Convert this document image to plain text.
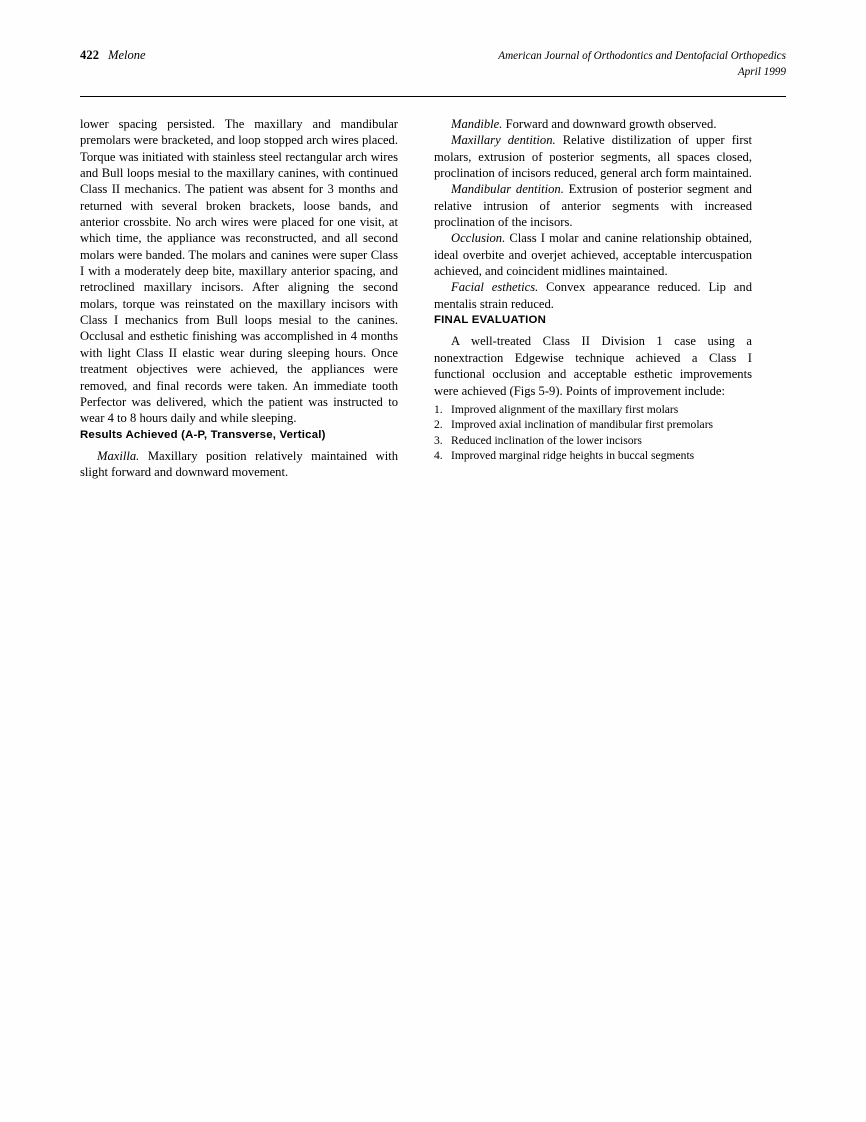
422 Melone	American Journal of Orthodontics and Dentofacial Orthopedics
April 1999

lower spacing persisted. The maxillary and mandibular premolars were bracketed, and loop stopped arch wires placed. Torque was initiated with stainless steel rectangular arch wires and Bull loops mesial to the maxillary canines, with continued Class II mechanics. The patient was absent for 3 months and returned with several broken brackets, loose bands, and anterior crossbite. No arch wires were placed for one visit, at which time, the appliance was reconstructed, and all second molars were banded. The molars and canines were super Class I with a moderately deep bite, maxillary anterior spacing, and retroclined maxillary incisors. After aligning the second molars, torque was reinstated on the maxillary incisors with Class I mechanics from Bull loops mesial to the canines. Occlusal and esthetic finishing was accomplished in 4 months with light Class II elastic wear during sleeping hours. Once treatment objectives were achieved, the appliances were removed, and final records were taken. An immediate tooth Perfector was delivered, which the patient was instructed to wear 4 to 8 hours daily and while sleeping.

Results Achieved (A-P, Transverse, Vertical)

Maxilla. Maxillary position relatively maintained with slight forward and downward movement.

Mandible. Forward and downward growth observed.

Maxillary dentition. Relative distilization of upper first molars, extrusion of posterior segments, all spaces closed, proclination of incisors reduced, general arch form maintained.

Mandibular dentition. Extrusion of posterior segment and relative intrusion of anterior segments with increased proclination of the incisors.

Occlusion. Class I molar and canine relationship obtained, ideal overbite and overjet achieved, acceptable intercuspation achieved, and coincident midlines maintained.

Facial esthetics. Convex appearance reduced. Lip and mentalis strain reduced.

FINAL EVALUATION

A well-treated Class II Division 1 case using a nonextraction Edgewise technique achieved a Class I functional occlusion and acceptable esthetic improvements were achieved (Figs 5-9). Points of improvement include:

1. Improved alignment of the maxillary first molars
2. Improved axial inclination of mandibular first premolars
3. Reduced inclination of the lower incisors
4. Improved marginal ridge heights in buccal segments
